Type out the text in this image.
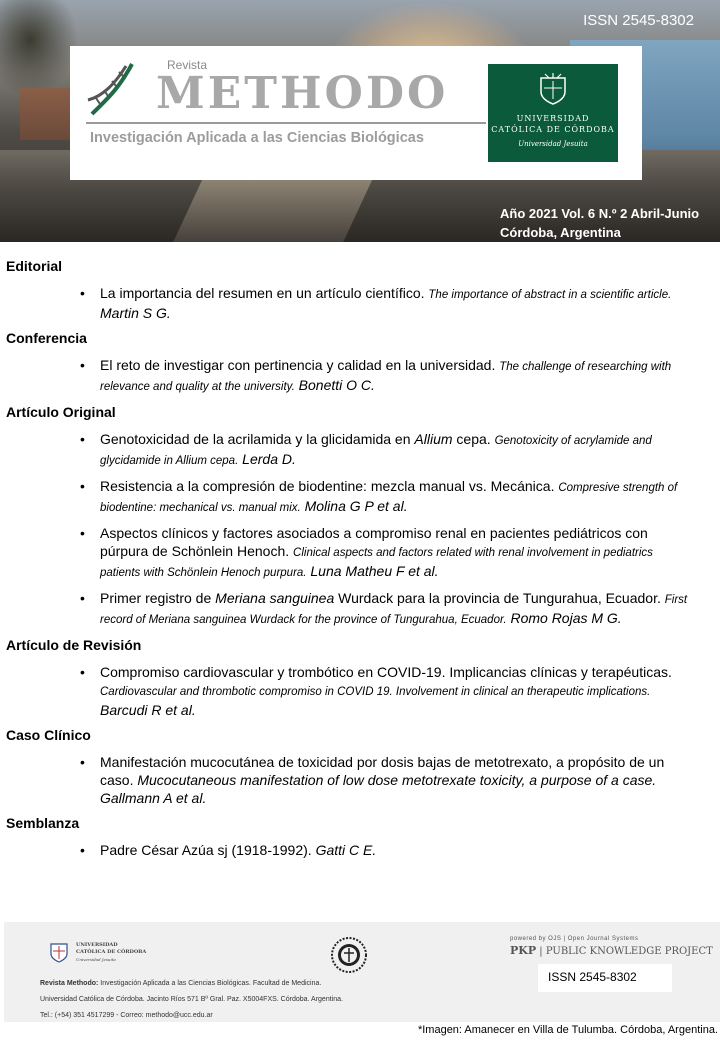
ISSN 2545-8302
Revista
METHODO
Investigación Aplicada a las Ciencias Biológicas
UNIVERSIDAD
CATÓLICA DE CÓRDOBA
Universidad Jesuita
Año 2021 Vol. 6 N.º 2 Abril-Junio
Córdoba, Argentina
Editorial
• La importancia del resumen en un artículo científico. The importance of abstract in a scientific article. Martin S G.
Conferencia
• El reto de investigar con pertinencia y calidad en la universidad. The challenge of researching with relevance and quality at the university. Bonetti O C.
Artículo Original
• Genotoxicidad de la acrilamida y la glicidamida en Allium cepa. Genotoxicity of acrylamide and glycidamide in Allium cepa. Lerda D.
• Resistencia a la compresión de biodentine: mezcla manual vs. Mecánica. Compresive strength of biodentine: mechanical vs. manual mix. Molina G P et al.
• Aspectos clínicos y factores asociados a compromiso renal en pacientes pediátricos con púrpura de Schönlein Henoch. Clinical aspects and factors related with renal involvement in pediatrics patients with Schönlein Henoch purpura. Luna Matheu F et al.
• Primer registro de Meriana sanguinea Wurdack para la provincia de Tungurahua, Ecuador. First record of Meriana sanguinea Wurdack for the province of Tungurahua, Ecuador. Romo Rojas M G.
Artículo de Revisión
• Compromiso cardiovascular y trombótico en COVID-19. Implicancias clínicas y terapéuticas. Cardiovascular and thrombotic compromiso in COVID 19. Involvement in clinical an therapeutic implications. Barcudi R et al.
Caso Clínico
• Manifestación mucocutánea de toxicidad por dosis bajas de metotrexato, a propósito de un caso. Mucocutaneous manifestation of low dose metotrexate toxicity, a purpose of a case. Gallmann A et al.
Semblanza
• Padre César Azúa sj (1918-1992). Gatti C E.
UNIVERSIDAD
CATÓLICA DE CÓRDOBA
Universidad Jesuita
Revista Methodo: Investigación Aplicada a las Ciencias Biológicas. Facultad de Medicina.
Universidad Católica de Córdoba. Jacinto Ríos 571 Bº Gral. Paz. X5004FXS. Córdoba. Argentina.
Tel.: (+54) 351 4517299 - Correo: methodo@ucc.edu.ar
powered by OJS | Open Journal Systems
PKP | PUBLIC KNOWLEDGE PROJECT
ISSN 2545-8302
*Imagen: Amanecer en Villa de Tulumba. Córdoba, Argentina.
